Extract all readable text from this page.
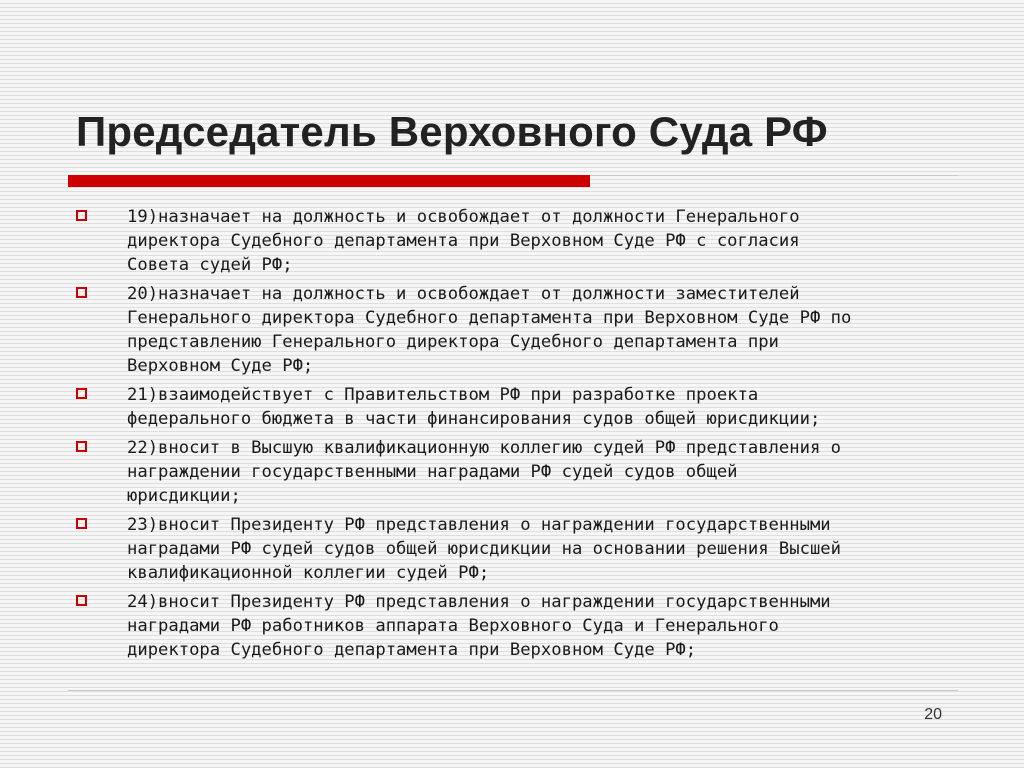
Председатель Верховного Суда РФ
19)назначает на должность и освобождает от должности Генерального
директора Судебного департамента при Верховном Суде РФ с согласия
Совета судей РФ;
20)назначает на должность и освобождает от должности заместителей
Генерального директора Судебного департамента при Верховном Суде РФ по
представлению Генерального директора Судебного департамента при
Верховном Суде РФ;
21)взаимодействует с Правительством РФ при разработке проекта
федерального бюджета в части финансирования судов общей юрисдикции;
22)вносит в Высшую квалификационную коллегию судей РФ представления о
награждении государственными наградами РФ судей судов общей
юрисдикции;
23)вносит Президенту РФ представления о награждении государственными
наградами РФ судей судов общей юрисдикции на основании решения Высшей
квалификационной коллегии судей РФ;
24)вносит Президенту РФ представления о награждении государственными
наградами РФ работников аппарата Верховного Суда и Генерального
директора Судебного департамента при Верховном Суде РФ;
20
